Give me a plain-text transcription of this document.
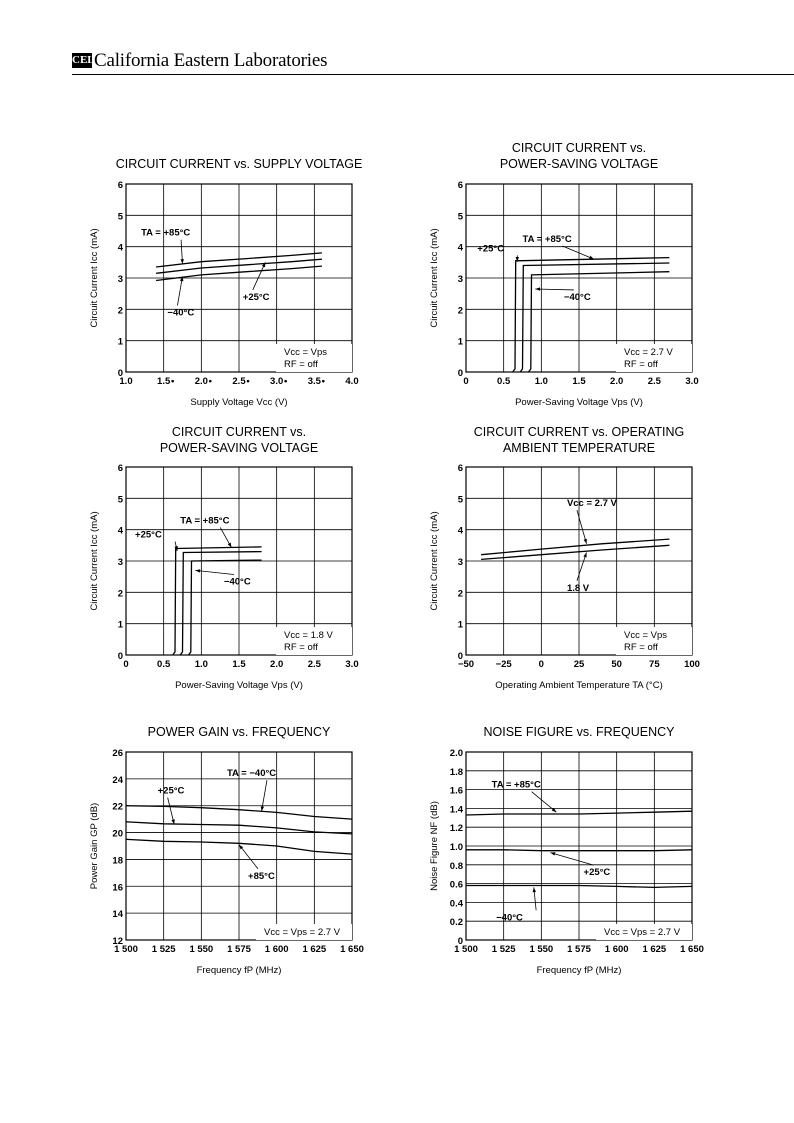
CEL California Eastern Laboratories
CIRCUIT CURRENT vs. SUPPLY VOLTAGE
1.0	1.5 • 2.0 • 2.5 • 3.0 • 3.5 • 4.0
0
1
2
3
4
5
6
Supply Voltage Vcc (V)
Circuit Current Icc (mA)	TA = +85°C
+25°C
−40°C
Vcc = Vps
RF = off
CIRCUIT CURRENT vs.
POWER-SAVING VOLTAGE
0	0.5	1.0	1.5	2.0	2.5	3.0
0
1
2
3
4
5
6
Power-Saving Voltage Vps (V)
Circuit Current Icc (mA)	TA = +85°C
+25°C
−40°C
Vcc = 2.7 V
RF = off
CIRCUIT CURRENT vs.
POWER-SAVING VOLTAGE
0	0.5	1.0	1.5	2.0	2.5	3.0
0
1
2
3
4
5
6
Power-Saving Voltage Vps (V)
Circuit Current Icc (mA)	TA = +85°C
+25°C
−40°C
Vcc = 1.8 V
RF = off
CIRCUIT CURRENT vs. OPERATING
AMBIENT TEMPERATURE
−50 −25	0	25	50	75	100
0
1
2
3
4
5
6
Operating Ambient Temperature TA (°C)
Circuit Current Icc (mA)
Vcc = 2.7 V
1.8 V
Vcc = Vps
RF = off
POWER GAIN vs. FREQUENCY
1 500 1 525 1 550 1 575 1 600 1 625 1 650
12
14
16
18
20
22
24
26
Frequency fP (MHz)
Power Gain GP (dB)
TA = −40°C
+25°C
+85°C
Vcc = Vps = 2.7 V
NOISE FIGURE vs. FREQUENCY
1 500 1 525 1 550 1 575 1 600 1 625 1 650
0
0.2
0.4
0.6
0.8
1.0
1.2
1.4
1.6
1.8
2.0
Frequency fP (MHz)
Noise Figure NF (dB)
TA = +85°C
+25°C
−40°C
Vcc = Vps = 2.7 V
